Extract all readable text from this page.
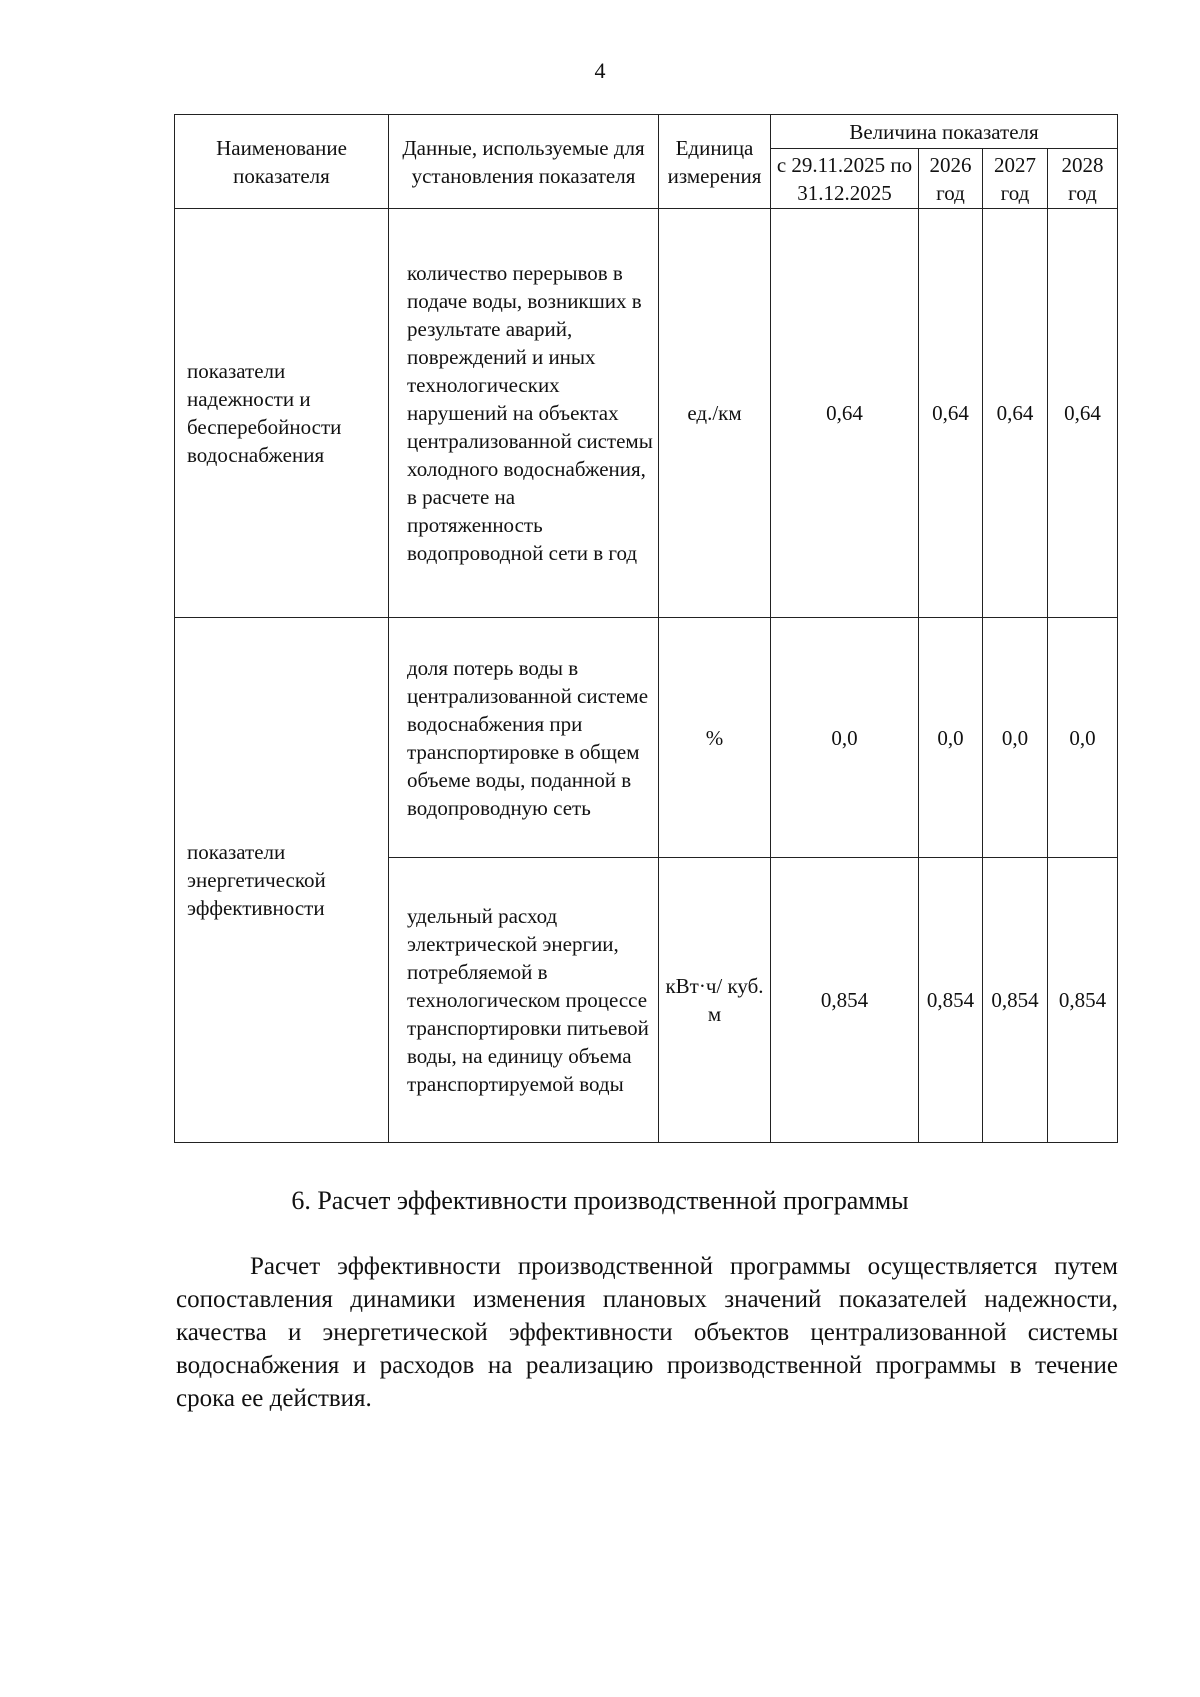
4
Наименование показателя	Данные, используемые для установления показателя	Единица измерения	Величина показателя			
			с 29.11.2025 по 31.12.2025	2026 год	2027 год	2028 год
показатели надежности и бесперебойности водоснабжения	количество перерывов в подаче воды, возникших в результате аварий, повреждений и иных технологических нарушений на объектах централизованной системы холодного водоснабжения, в расчете на протяженность водопроводной сети в год	ед./км	0,64	0,64	0,64	0,64
показатели энергетической эффективности	доля потерь воды в централизованной системе водоснабжения при транспортировке в общем объеме воды, поданной в водопроводную сеть	%	0,0	0,0	0,0	0,0
	удельный расход электрической энергии, потребляемой в технологическом процессе транспортировки питьевой воды, на единицу объема транспортируемой воды	кВт·ч/ куб. м	0,854	0,854	0,854	0,854
6. Расчет эффективности производственной программы

Расчет эффективности производственной программы осуществляется путем сопоставления динамики изменения плановых значений показателей надежности, качества и энергетической эффективности объектов централизованной системы водоснабжения и расходов на реализацию производственной программы в течение срока ее действия.
